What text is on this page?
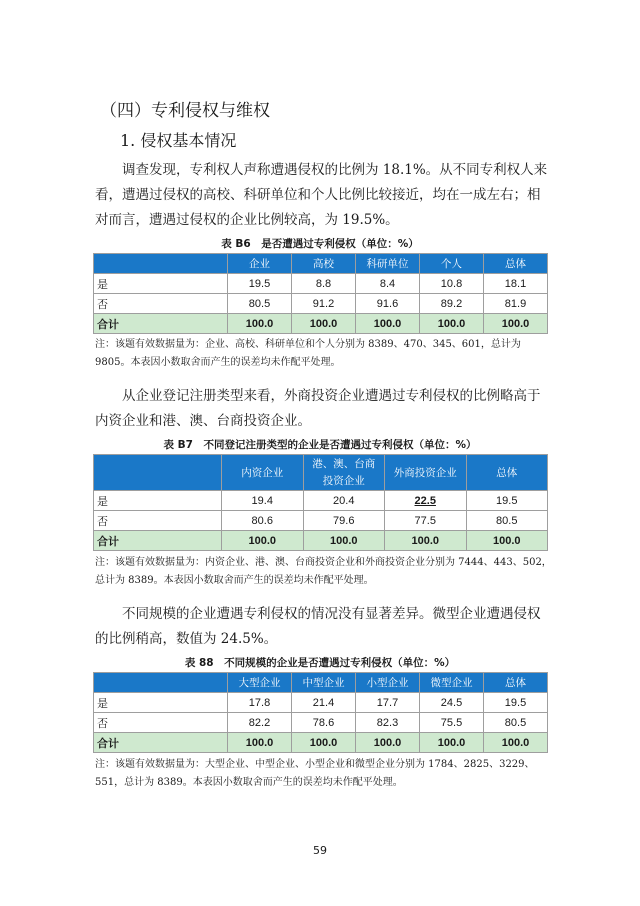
（四）专利侵权与维权
1. 侵权基本情况

调查发现，专利权人声称遭遇侵权的比例为 18.1%。从不同专利权人来看，遭遇过侵权的高校、科研单位和个人比例比较接近，均在一成左右；相对而言，遭遇过侵权的企业比例较高，为 19.5%。

表 B6　是否遭遇过专利侵权（单位：%）
	企业	高校	科研单位	个人	总体
是	19.5	8.8	8.4	10.8	18.1
否	80.5	91.2	91.6	89.2	81.9
合计	100.0	100.0	100.0	100.0	100.0

注：该题有效数据量为：企业、高校、科研单位和个人分别为 8389、470、345、601，总计为 9805。本表因小数取舍而产生的误差均未作配平处理。

从企业登记注册类型来看，外商投资企业遭遇过专利侵权的比例略高于内资企业和港、澳、台商投资企业。

表 B7　不同登记注册类型的企业是否遭遇过专利侵权（单位：%）
	内资企业	港、澳、台商投资企业	外商投资企业	总体
是	19.4	20.4	22.5	19.5
否	80.6	79.6	77.5	80.5
合计	100.0	100.0	100.0	100.0

注：该题有效数据量为：内资企业、港、澳、台商投资企业和外商投资企业分别为 7444、443、502，总计为 8389。本表因小数取舍而产生的误差均未作配平处理。

不同规模的企业遭遇专利侵权的情况没有显著差异。微型企业遭遇侵权的比例稍高，数值为 24.5%。

表 88　不同规模的企业是否遭遇过专利侵权（单位：%）
	大型企业	中型企业	小型企业	微型企业	总体
是	17.8	21.4	17.7	24.5	19.5
否	82.2	78.6	82.3	75.5	80.5
合计	100.0	100.0	100.0	100.0	100.0

注：该题有效数据量为：大型企业、中型企业、小型企业和微型企业分别为 1784、2825、3229、551，总计为 8389。本表因小数取舍而产生的误差均未作配平处理。

59
